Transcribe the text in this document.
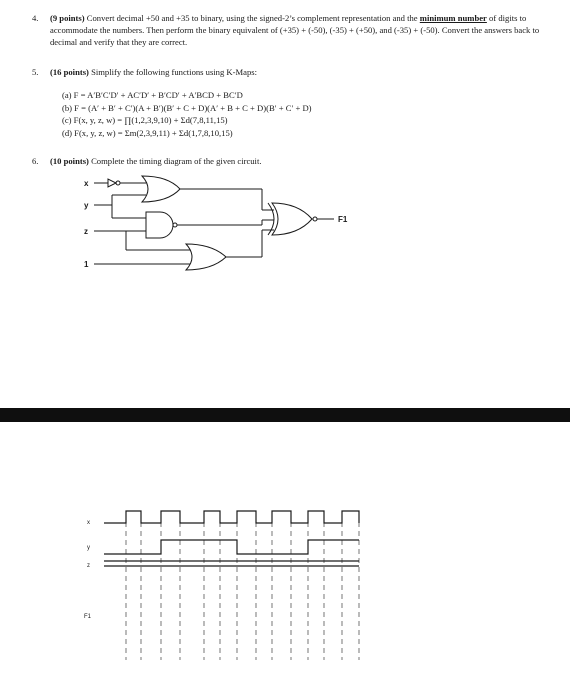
4. (9 points) Convert decimal +50 and +35 to binary, using the signed-2’s complement representation and the minimum number of digits to accommodate the numbers. Then perform the binary equivalent of (+35) + (-50), (-35) + (+50), and (-35) + (-50). Convert the answers back to decimal and verify that they are correct.
5. (16 points) Simplify the following functions using K-Maps:
(a) F = A′B′C′D′ + AC′D′ + B′CD′ + A′BCD + BC′D
(b) F = (A′ + B′ + C′)(A + B′)(B′ + C + D)(A′ + B + C + D)(B′ + C′ + D)
(c) F(x, y, z, w) = ∏(1,2,3,9,10) + Σd(7,8,11,15)
(d) F(x, y, z, w) = Σm(2,3,9,11) + Σd(1,7,8,10,15)
6. (10 points) Complete the timing diagram of the given circuit.
x
y
z
1
F1
x
y
z
F1
